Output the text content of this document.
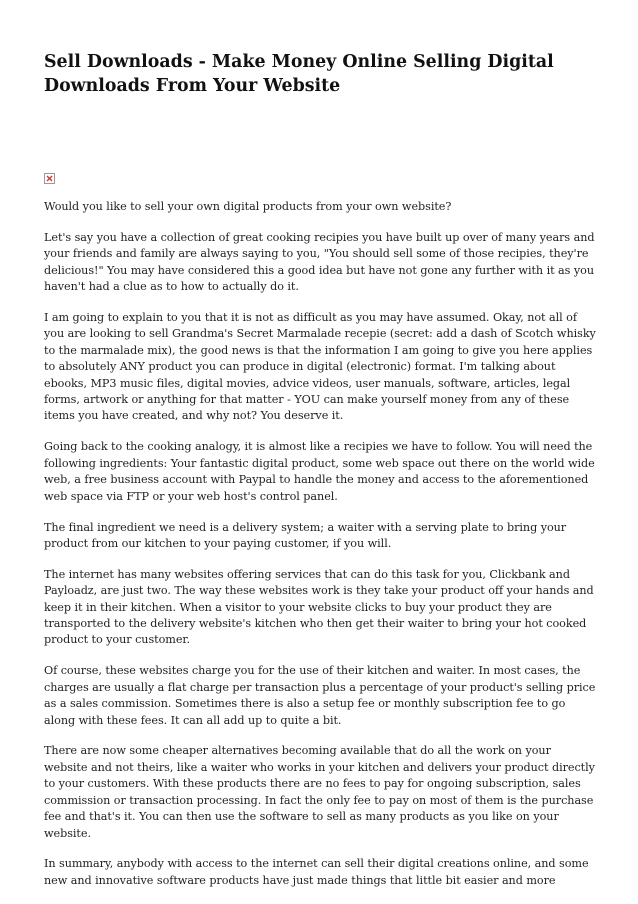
Sell Downloads - Make Money Online Selling Digital Downloads From Your Website

Would you like to sell your own digital products from your own website?

Let's say you have a collection of great cooking recipies you have built up over of many years and your friends and family are always saying to you, "You should sell some of those recipies, they're delicious!" You may have considered this a good idea but have not gone any further with it as you haven't had a clue as to how to actually do it.

I am going to explain to you that it is not as difficult as you may have assumed. Okay, not all of you are looking to sell Grandma's Secret Marmalade recepie (secret: add a dash of Scotch whisky to the marmalade mix), the good news is that the information I am going to give you here applies to absolutely ANY product you can produce in digital (electronic) format. I'm talking about ebooks, MP3 music files, digital movies, advice videos, user manuals, software, articles, legal forms, artwork or anything for that matter - YOU can make yourself money from any of these items you have created, and why not? You deserve it.

Going back to the cooking analogy, it is almost like a recipies we have to follow. You will need the following ingredients: Your fantastic digital product, some web space out there on the world wide web, a free business account with Paypal to handle the money and access to the aforementioned web space via FTP or your web host's control panel.

The final ingredient we need is a delivery system; a waiter with a serving plate to bring your product from our kitchen to your paying customer, if you will.

The internet has many websites offering services that can do this task for you, Clickbank and Payloadz, are just two. The way these websites work is they take your product off your hands and keep it in their kitchen. When a visitor to your website clicks to buy your product they are transported to the delivery website's kitchen who then get their waiter to bring your hot cooked product to your customer.

Of course, these websites charge you for the use of their kitchen and waiter. In most cases, the charges are usually a flat charge per transaction plus a percentage of your product's selling price as a sales commission. Sometimes there is also a setup fee or monthly subscription fee to go along with these fees. It can all add up to quite a bit.

There are now some cheaper alternatives becoming available that do all the work on your website and not theirs, like a waiter who works in your kitchen and delivers your product directly to your customers. With these products there are no fees to pay for ongoing subscription, sales commission or transaction processing. In fact the only fee to pay on most of them is the purchase fee and that's it. You can then use the software to sell as many products as you like on your website.

In summary, anybody with access to the internet can sell their digital creations online, and some new and innovative software products have just made things that little bit easier and more
